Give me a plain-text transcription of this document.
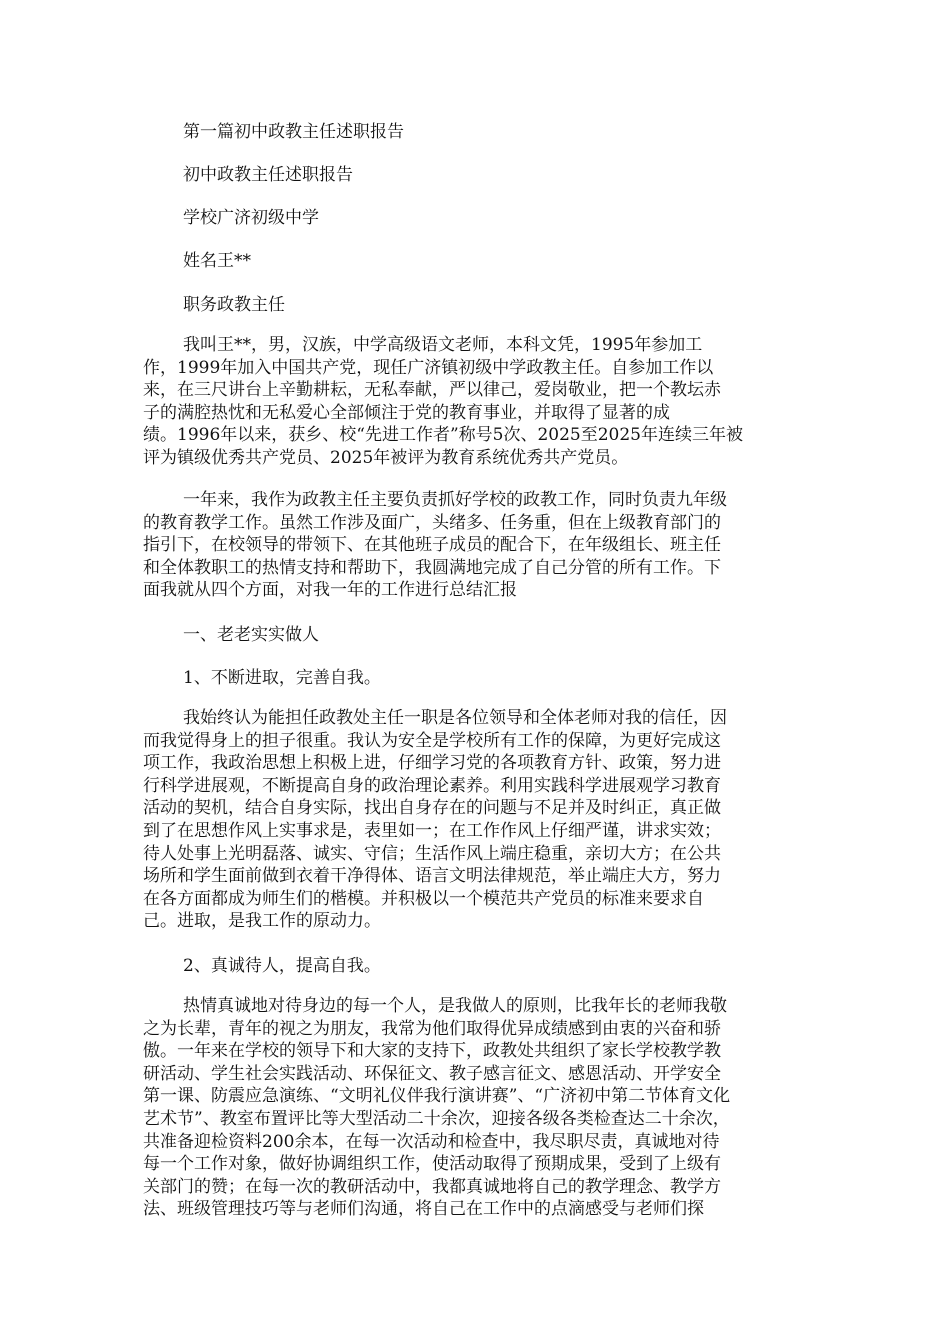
第一篇初中政教主任述职报告
初中政教主任述职报告
学校广济初级中学
姓名王**
职务政教主任
我叫王**，男，汉族，中学高级语文老师，本科文凭，1995年参加工
作，1999年加入中国共产党，现任广济镇初级中学政教主任。自参加工作以
来，在三尺讲台上辛勤耕耘，无私奉献，严以律己，爱岗敬业，把一个教坛赤
子的满腔热忱和无私爱心全部倾注于党的教育事业，并取得了显著的成
绩。1996年以来，获乡、校“先进工作者”称号5次、2025至2025年连续三年被
评为镇级优秀共产党员、2025年被评为教育系统优秀共产党员。
一年来，我作为政教主任主要负责抓好学校的政教工作，同时负责九年级
的教育教学工作。虽然工作涉及面广，头绪多、任务重，但在上级教育部门的
指引下，在校领导的带领下、在其他班子成员的配合下，在年级组长、班主任
和全体教职工的热情支持和帮助下，我圆满地完成了自己分管的所有工作。下
面我就从四个方面，对我一年的工作进行总结汇报
一、老老实实做人
1、不断进取，完善自我。
我始终认为能担任政教处主任一职是各位领导和全体老师对我的信任，因
而我觉得身上的担子很重。我认为安全是学校所有工作的保障，为更好完成这
项工作，我政治思想上积极上进，仔细学习党的各项教育方针、政策，努力进
行科学进展观，不断提高自身的政治理论素养。利用实践科学进展观学习教育
活动的契机，结合自身实际，找出自身存在的问题与不足并及时纠正，真正做
到了在思想作风上实事求是，表里如一；在工作作风上仔细严谨，讲求实效；
待人处事上光明磊落、诚实、守信；生活作风上端庄稳重，亲切大方；在公共
场所和学生面前做到衣着干净得体、语言文明法律规范，举止端庄大方，努力
在各方面都成为师生们的楷模。并积极以一个模范共产党员的标准来要求自
己。进取，是我工作的原动力。
2、真诚待人，提高自我。
热情真诚地对待身边的每一个人，是我做人的原则，比我年长的老师我敬
之为长辈，青年的视之为朋友，我常为他们取得优异成绩感到由衷的兴奋和骄
傲。一年来在学校的领导下和大家的支持下，政教处共组织了家长学校教学教
研活动、学生社会实践活动、环保征文、教子感言征文、感恩活动、开学安全
第一课、防震应急演练、“文明礼仪伴我行演讲赛”、“广济初中第二节体育文化
艺术节”、教室布置评比等大型活动二十余次，迎接各级各类检查达二十余次，
共准备迎检资料200余本，在每一次活动和检查中，我尽职尽责，真诚地对待
每一个工作对象，做好协调组织工作，使活动取得了预期成果，受到了上级有
关部门的赞；在每一次的教研活动中，我都真诚地将自己的教学理念、教学方
法、班级管理技巧等与老师们沟通，将自己在工作中的点滴感受与老师们探
